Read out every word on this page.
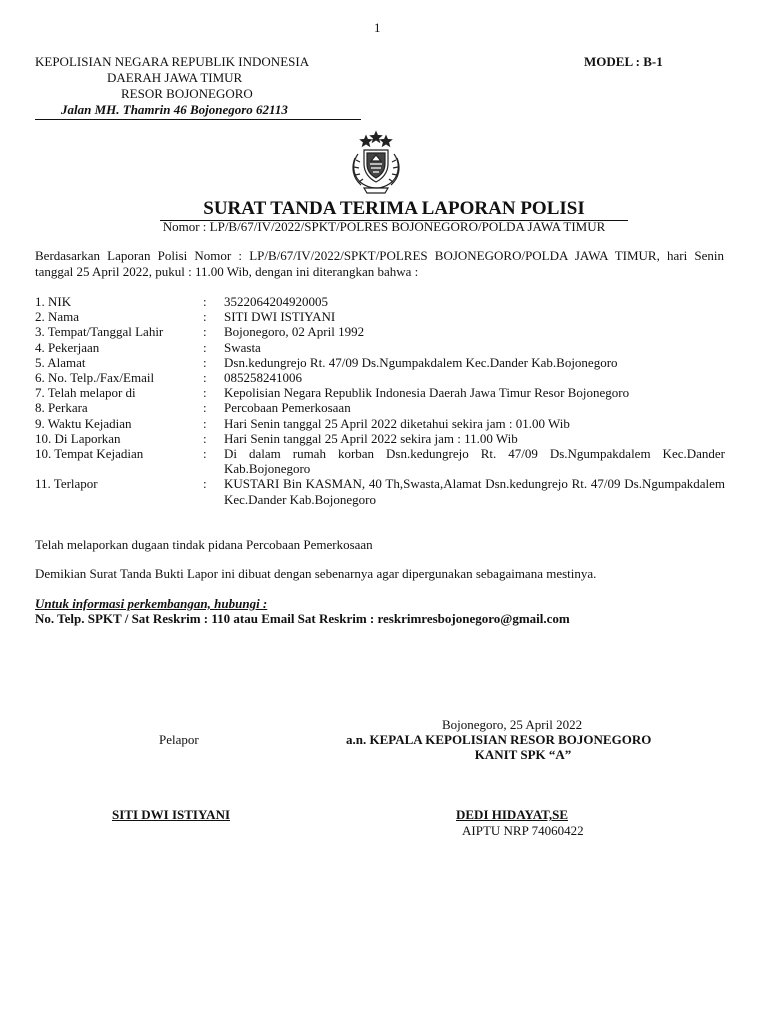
1
KEPOLISIAN NEGARA REPUBLIK INDONESIA
DAERAH JAWA TIMUR
RESOR BOJONEGORO
Jalan MH. Thamrin 46 Bojonegoro 62113
MODEL : B-1
SURAT TANDA TERIMA LAPORAN POLISI
Nomor : LP/B/67/IV/2022/SPKT/POLRES BOJONEGORO/POLDA JAWA TIMUR
Berdasarkan Laporan Polisi Nomor : LP/B/67/IV/2022/SPKT/POLRES BOJONEGORO/POLDA JAWA TIMUR, hari Senin tanggal 25 April 2022, pukul : 11.00 Wib, dengan ini diterangkan bahwa :
1. NIK	:	3522064204920005
2. Nama	:	SITI DWI ISTIYANI
3. Tempat/Tanggal Lahir	:	Bojonegoro, 02 April 1992
4. Pekerjaan	:	Swasta
5. Alamat	:	Dsn.kedungrejo Rt. 47/09 Ds.Ngumpakdalem Kec.Dander Kab.Bojonegoro
6. No. Telp./Fax/Email	:	085258241006
7. Telah melapor di	:	Kepolisian Negara Republik Indonesia Daerah Jawa Timur Resor Bojonegoro
8. Perkara	:	Percobaan Pemerkosaan
9. Waktu Kejadian	:	Hari Senin tanggal 25 April 2022 diketahui sekira jam : 01.00 Wib
10. Di Laporkan	:	Hari Senin tanggal 25 April 2022 sekira jam : 11.00 Wib
10. Tempat Kejadian	:	Di dalam rumah korban Dsn.kedungrejo Rt. 47/09 Ds.Ngumpakdalem Kec.Dander Kab.Bojonegoro
11. Terlapor	:	KUSTARI Bin KASMAN, 40 Th,Swasta,Alamat Dsn.kedungrejo Rt. 47/09 Ds.Ngumpakdalem Kec.Dander Kab.Bojonegoro
Telah melaporkan dugaan tindak pidana Percobaan Pemerkosaan
Demikian Surat Tanda Bukti Lapor ini dibuat dengan sebenarnya agar dipergunakan sebagaimana mestinya.
Untuk informasi perkembangan, hubungi :
No. Telp. SPKT / Sat Reskrim : 110 atau Email Sat Reskrim : reskrimresbojonegoro@gmail.com
Bojonegoro, 25 April 2022
Pelapor	a.n. KEPALA KEPOLISIAN RESOR BOJONEGORO
KANIT SPK “A”
SITI DWI ISTIYANI	DEDI HIDAYAT,SE
AIPTU NRP 74060422
